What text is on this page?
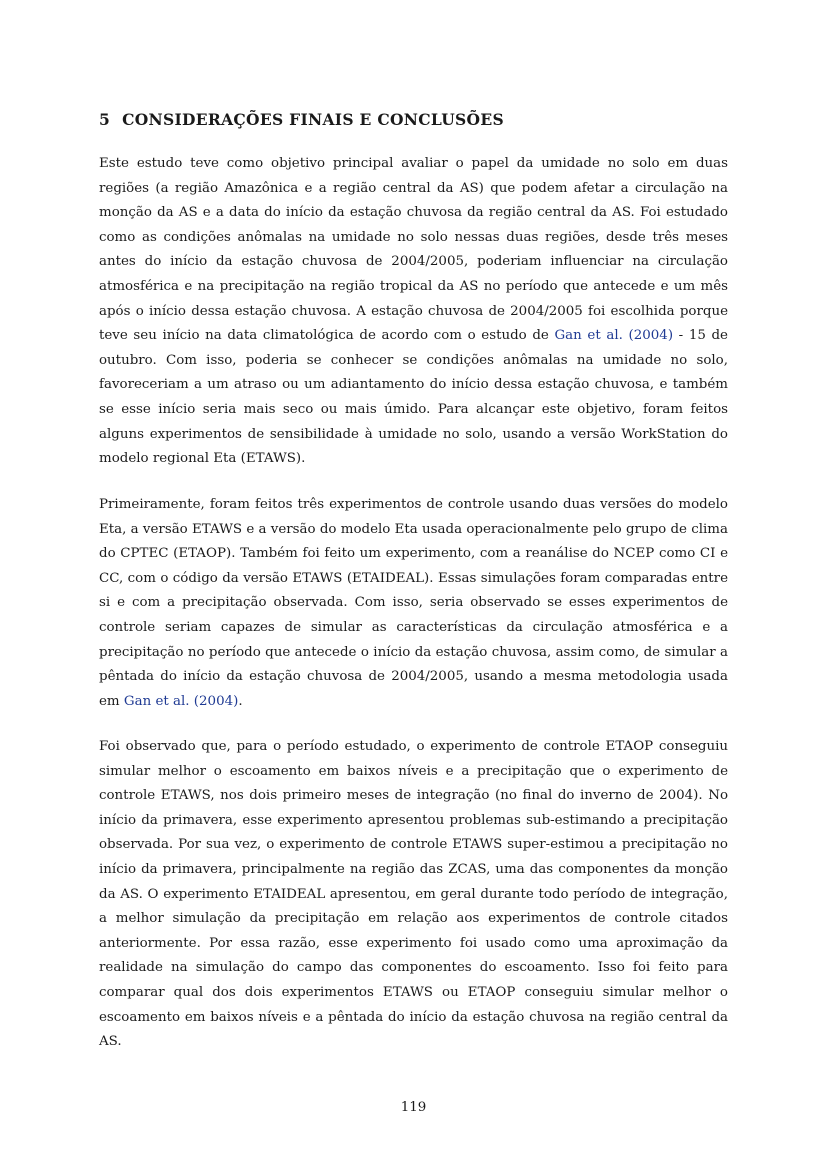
5 CONSIDERAÇÕES FINAIS E CONCLUSÕES

Este estudo teve como objetivo principal avaliar o papel da umidade no solo em duas regiões (a região Amazônica e a região central da AS) que podem afetar a circulação na monção da AS e a data do início da estação chuvosa da região central da AS. Foi estudado como as condições anômalas na umidade no solo nessas duas regiões, desde três meses antes do início da estação chuvosa de 2004/2005, poderiam influenciar na circulação atmosférica e na precipitação na região tropical da AS no período que antecede e um mês após o início dessa estação chuvosa. A estação chuvosa de 2004/2005 foi escolhida porque teve seu início na data climatológica de acordo com o estudo de Gan et al. (2004) - 15 de outubro. Com isso, poderia se conhecer se condições anômalas na umidade no solo, favoreceriam a um atraso ou um adiantamento do início dessa estação chuvosa, e também se esse início seria mais seco ou mais úmido. Para alcançar este objetivo, foram feitos alguns experimentos de sensibilidade à umidade no solo, usando a versão WorkStation do modelo regional Eta (ETAWS).

Primeiramente, foram feitos três experimentos de controle usando duas versões do modelo Eta, a versão ETAWS e a versão do modelo Eta usada operacionalmente pelo grupo de clima do CPTEC (ETAOP). Também foi feito um experimento, com a reanálise do NCEP como CI e CC, com o código da versão ETAWS (ETAIDEAL). Essas simulações foram comparadas entre si e com a precipitação observada. Com isso, seria observado se esses experimentos de controle seriam capazes de simular as características da circulação atmosférica e a precipitação no período que antecede o início da estação chuvosa, assim como, de simular a pêntada do início da estação chuvosa de 2004/2005, usando a mesma metodologia usada em Gan et al. (2004).

Foi observado que, para o período estudado, o experimento de controle ETAOP conseguiu simular melhor o escoamento em baixos níveis e a precipitação que o experimento de controle ETAWS, nos dois primeiro meses de integração (no final do inverno de 2004). No início da primavera, esse experimento apresentou problemas sub-estimando a precipitação observada. Por sua vez, o experimento de controle ETAWS super-estimou a precipitação no início da primavera, principalmente na região das ZCAS, uma das componentes da monção da AS. O experimento ETAIDEAL apresentou, em geral durante todo período de integração, a melhor simulação da precipitação em relação aos experimentos de controle citados anteriormente. Por essa razão, esse experimento foi usado como uma aproximação da realidade na simulação do campo das componentes do escoamento. Isso foi feito para comparar qual dos dois experimentos ETAWS ou ETAOP conseguiu simular melhor o escoamento em baixos níveis e a pêntada do início da estação chuvosa na região central da AS.

119
